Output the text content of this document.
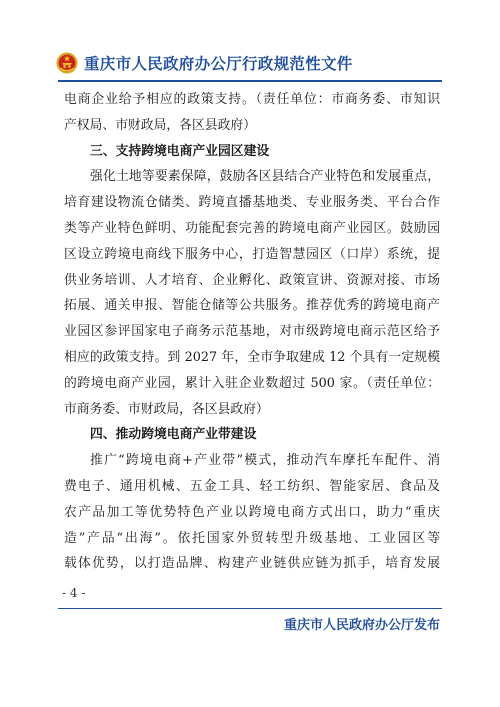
重庆市人民政府办公厅行政规范性文件
电商企业给予相应的政策支持。（责任单位：市商务委、市知识
产权局、市财政局，各区县政府）
三、支持跨境电商产业园区建设
强化土地等要素保障，鼓励各区县结合产业特色和发展重点，
培育建设物流仓储类、跨境直播基地类、专业服务类、平台合作
类等产业特色鲜明、功能配套完善的跨境电商产业园区。鼓励园
区设立跨境电商线下服务中心，打造智慧园区（口岸）系统，提
供业务培训、人才培育、企业孵化、政策宣讲、资源对接、市场
拓展、通关申报、智能仓储等公共服务。推荐优秀的跨境电商产
业园区参评国家电子商务示范基地，对市级跨境电商示范区给予
相应的政策支持。到 2027 年，全市争取建成 12 个具有一定规模
的跨境电商产业园，累计入驻企业数超过 500 家。（责任单位：
市商务委、市财政局，各区县政府）
四、推动跨境电商产业带建设
推广“跨境电商+产业带”模式，推动汽车摩托车配件、消
费电子、通用机械、五金工具、轻工纺织、智能家居、食品及
农产品加工等优势特色产业以跨境电商方式出口，助力“重庆
造”产品“出海”。依托国家外贸转型升级基地、工业园区等
载体优势，以打造品牌、构建产业链供应链为抓手，培育发展
- 4 -
重庆市人民政府办公厅发布
